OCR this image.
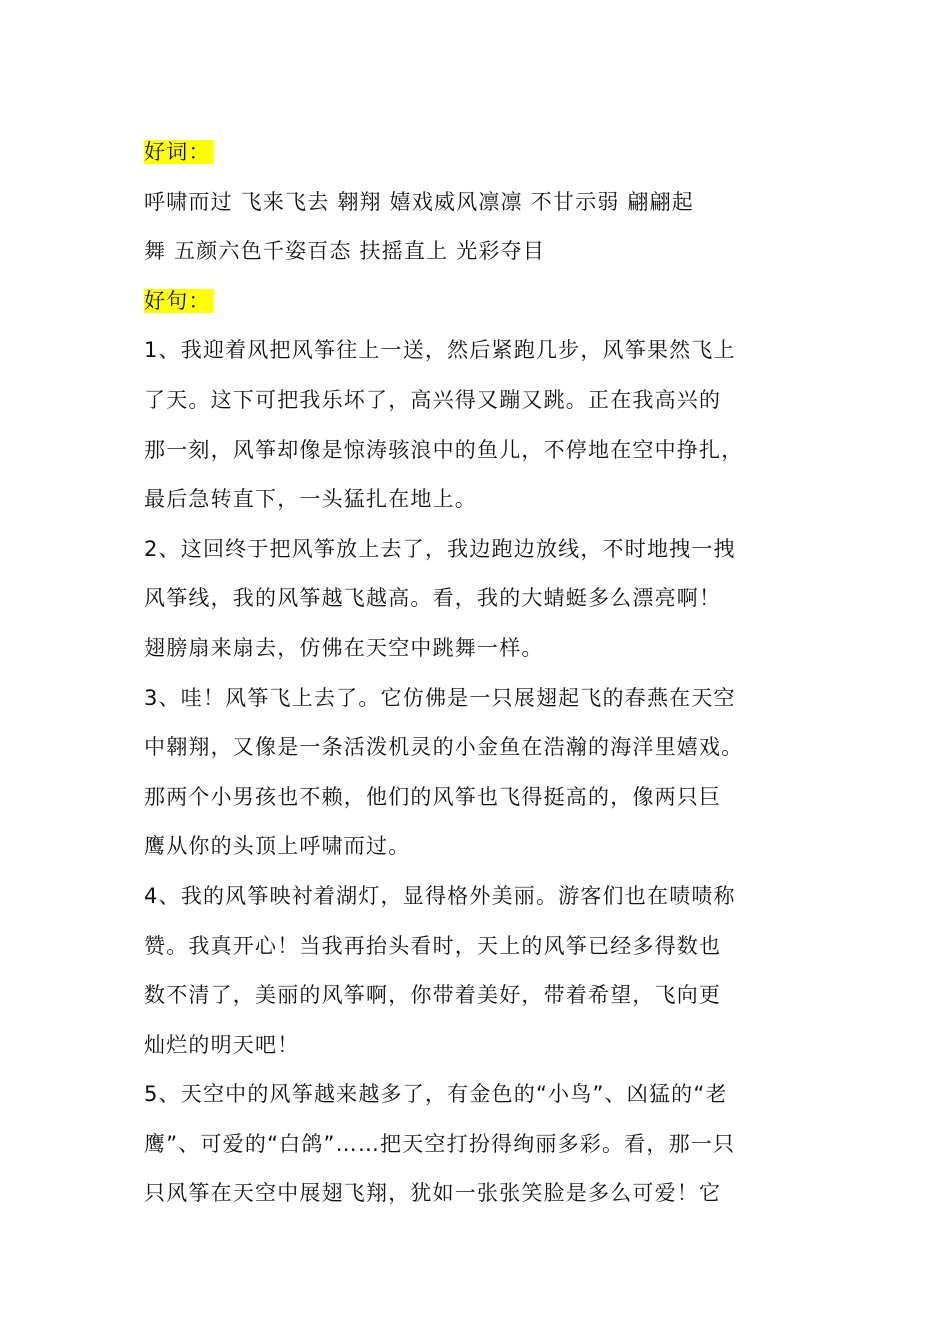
好词：
呼啸而过 飞来飞去 翱翔 嬉戏威风凛凛 不甘示弱 翩翩起
舞 五颜六色千姿百态 扶摇直上 光彩夺目
好句：
1、我迎着风把风筝往上一送，然后紧跑几步，风筝果然飞上
了天。这下可把我乐坏了，高兴得又蹦又跳。正在我高兴的
那一刻，风筝却像是惊涛骇浪中的鱼儿，不停地在空中挣扎，
最后急转直下，一头猛扎在地上。
2、这回终于把风筝放上去了，我边跑边放线，不时地拽一拽
风筝线，我的风筝越飞越高。看，我的大蜻蜓多么漂亮啊！
翅膀扇来扇去，仿佛在天空中跳舞一样。
3、哇！风筝飞上去了。它仿佛是一只展翅起飞的春燕在天空
中翱翔，又像是一条活泼机灵的小金鱼在浩瀚的海洋里嬉戏。
那两个小男孩也不赖，他们的风筝也飞得挺高的，像两只巨
鹰从你的头顶上呼啸而过。
4、我的风筝映衬着湖灯，显得格外美丽。游客们也在啧啧称
赞。我真开心！当我再抬头看时，天上的风筝已经多得数也
数不清了，美丽的风筝啊，你带着美好，带着希望，飞向更
灿烂的明天吧！
5、天空中的风筝越来越多了，有金色的“小鸟”、凶猛的“老
鹰”、可爱的“白鸽”……把天空打扮得绚丽多彩。看，那一只
只风筝在天空中展翅飞翔，犹如一张张笑脸是多么可爱！它
